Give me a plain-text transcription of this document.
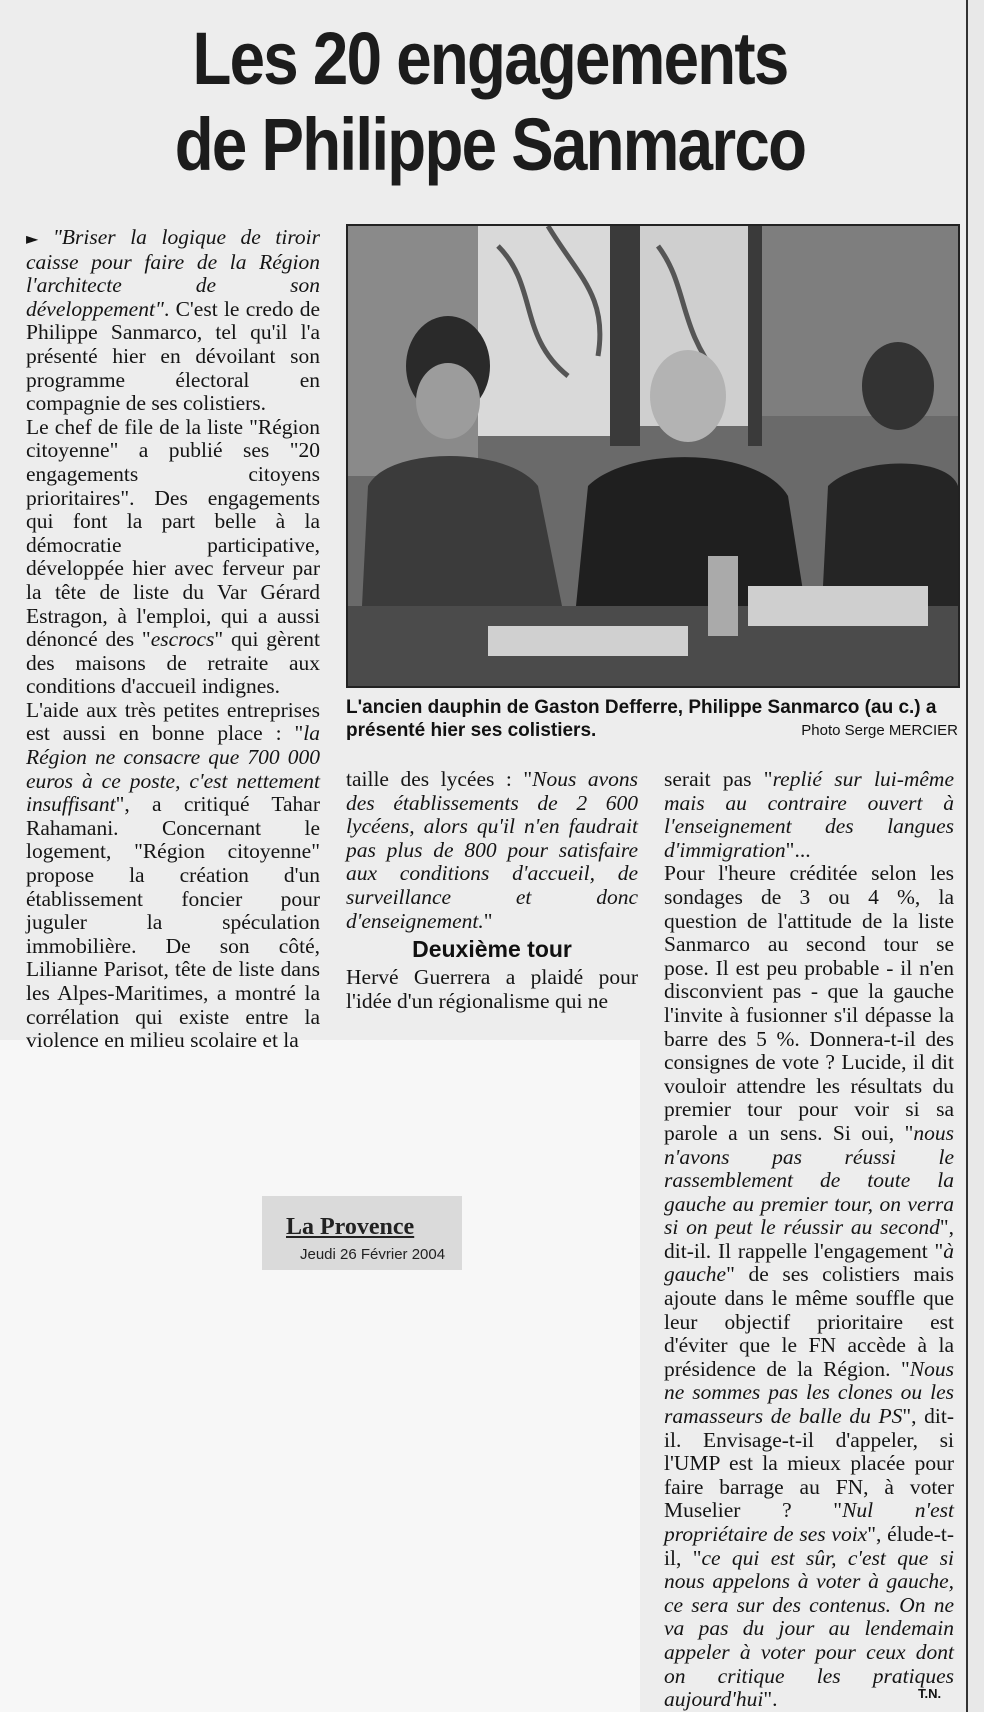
Les 20 engagements
de Philippe Sanmarco

► "Briser la logique de tiroir caisse pour faire de la Région l'architecte de son développement". C'est le credo de Philippe Sanmarco, tel qu'il l'a présenté hier en dévoilant son programme électoral en compagnie de ses colistiers.

Le chef de file de la liste "Région citoyenne" a publié ses "20 engagements citoyens prioritaires". Des engagements qui font la part belle à la démocratie participative, développée hier avec ferveur par la tête de liste du Var Gérard Estragon, à l'emploi, qui a aussi dénoncé des "escrocs" qui gèrent des maisons de retraite aux conditions d'accueil indignes.

L'aide aux très petites entreprises est aussi en bonne place : "la Région ne consacre que 700 000 euros à ce poste, c'est nettement insuffisant", a critiqué Tahar Rahamani. Concernant le logement, "Région citoyenne" propose la création d'un établissement foncier pour juguler la spéculation immobilière. De son côté, Lilianne Parisot, tête de liste dans les Alpes-Maritimes, a montré la corrélation qui existe entre la violence en milieu scolaire et la

L'ancien dauphin de Gaston Defferre, Philippe Sanmarco (au c.) a présenté hier ses colistiers.	Photo Serge MERCIER

taille des lycées : "Nous avons des établissements de 2 600 lycéens, alors qu'il n'en faudrait pas plus de 800 pour satisfaire aux conditions d'accueil, de surveillance et donc d'enseignement."

Deuxième tour

Hervé Guerrera a plaidé pour l'idée d'un régionalisme qui ne

serait pas "replié sur lui-même mais au contraire ouvert à l'enseignement des langues d'immigration"...

Pour l'heure créditée selon les sondages de 3 ou 4 %, la question de l'attitude de la liste Sanmarco au second tour se pose. Il est peu probable - il n'en disconvient pas - que la gauche l'invite à fusionner s'il dépasse la barre des 5 %. Donnera-t-il des consignes de vote ? Lucide, il dit vouloir attendre les résultats du premier tour pour voir si sa parole a un sens. Si oui, "nous n'avons pas réussi le rassemblement de toute la gauche au premier tour, on verra si on peut le réussir au second", dit-il. Il rappelle l'engagement "à gauche" de ses colistiers mais ajoute dans le même souffle que leur objectif prioritaire est d'éviter que le FN accède à la présidence de la Région. "Nous ne sommes pas les clones ou les ramasseurs de balle du PS", dit-il. Envisage-t-il d'appeler, si l'UMP est la mieux placée pour faire barrage au FN, à voter Muselier ? "Nul n'est propriétaire de ses voix", élude-t-il, "ce qui est sûr, c'est que si nous appelons à voter à gauche, ce sera sur des contenus. On ne va pas du jour au lendemain appeler à voter pour ceux dont on critique les pratiques aujourd'hui".	T.N.
La Provence
Jeudi 26 Février 2004
